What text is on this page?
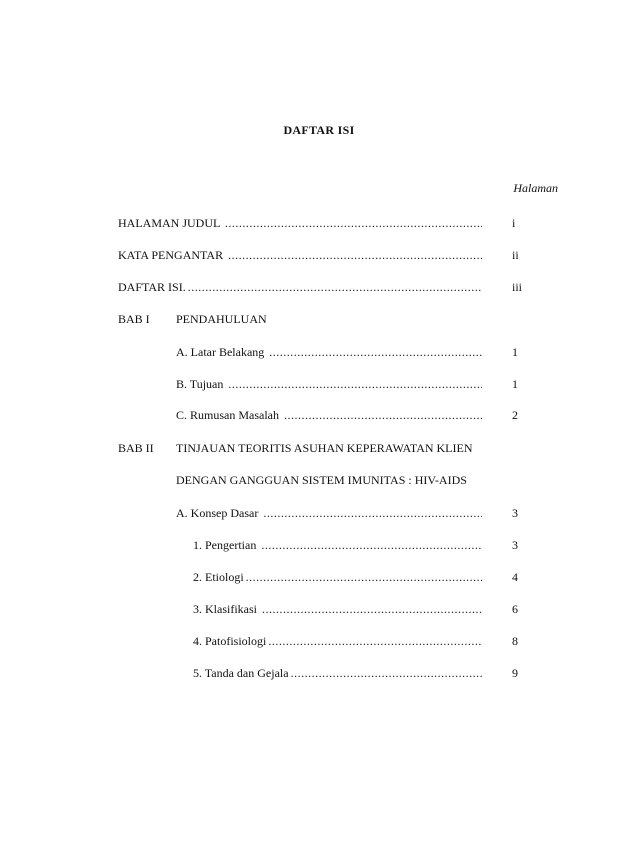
DAFTAR ISI
Halaman
HALAMAN JUDUL .....	i
KATA PENGANTAR .....	ii
DAFTAR ISI. .....	iii
BAB I PENDAHULUAN
A. Latar Belakang .....	1
B. Tujuan .....	1
C. Rumusan Masalah .....	2
BAB II TINJAUAN TEORITIS ASUHAN KEPERAWATAN KLIEN
DENGAN GANGGUAN SISTEM IMUNITAS : HIV-AIDS
A. Konsep Dasar .....	3
1. Pengertian .....	3
2. Etiologi .....	4
3. Klasifikasi .....	6
4. Patofisiologi .....	8
5. Tanda dan Gejala .....	9
